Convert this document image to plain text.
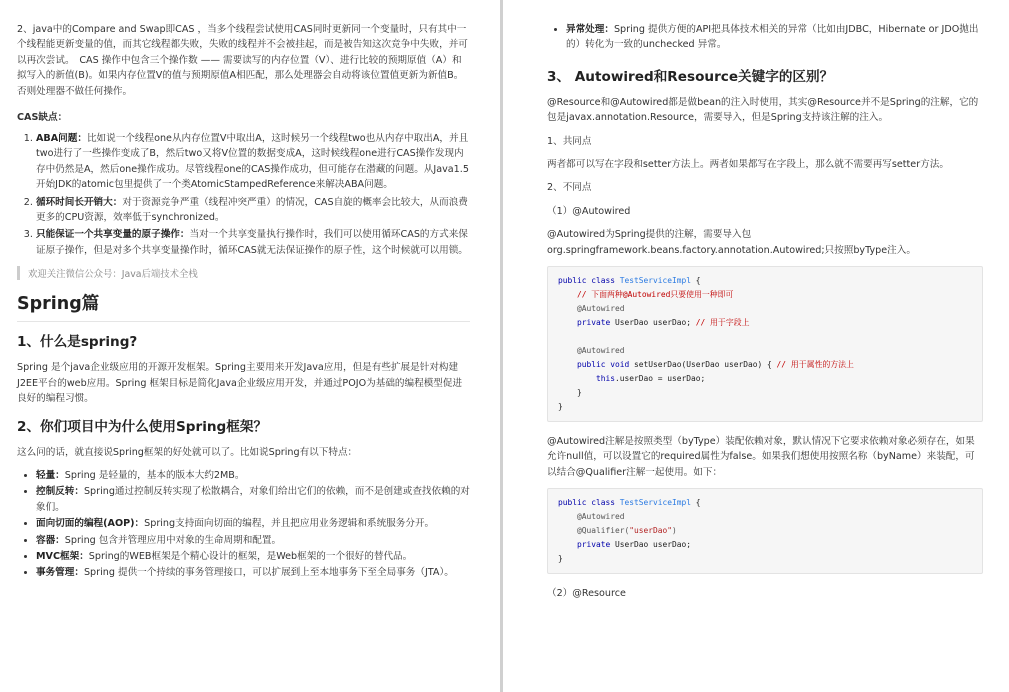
2、java中的Compare and Swap即CAS ，当多个线程尝试使用CAS同时更新同一个变量时，只有其中一个线程能更新变量的值，而其它线程都失败，失败的线程并不会被挂起，而是被告知这次竞争中失败，并可以再次尝试。　CAS 操作中包含三个操作数 —— 需要读写的内存位置（V）、进行比较的预期原值（A）和拟写入的新值(B)。如果内存位置V的值与预期原值A相匹配，那么处理器会自动将该位置值更新为新值B。否则处理器不做任何操作。

CAS缺点：
1. ABA问题：比如说一个线程one从内存位置V中取出A，这时候另一个线程two也从内存中取出A，并且two进行了一些操作变成了B，然后two又将V位置的数据变成A，这时候线程one进行CAS操作发现内存中仍然是A，然后one操作成功。尽管线程one的CAS操作成功，但可能存在潜藏的问题。从Java1.5开始JDK的atomic包里提供了一个类AtomicStampedReference来解决ABA问题。
2. 循环时间长开销大：对于资源竞争严重（线程冲突严重）的情况，CAS自旋的概率会比较大，从而浪费更多的CPU资源，效率低于synchronized。
3. 只能保证一个共享变量的原子操作：当对一个共享变量执行操作时，我们可以使用循环CAS的方式来保证原子操作，但是对多个共享变量操作时，循环CAS就无法保证操作的原子性，这个时候就可以用锁。
欢迎关注微信公众号：Java后端技术全栈
Spring篇
1、什么是spring?

Spring 是个java企业级应用的开源开发框架。Spring主要用来开发Java应用，但是有些扩展是针对构建J2EE平台的web应用。Spring 框架目标是简化Java企业级应用开发，并通过POJO为基础的编程模型促进良好的编程习惯。

2、你们项目中为什么使用Spring框架？

这么问的话，就直接说Spring框架的好处就可以了。比如说Spring有以下特点：

• 轻量：Spring 是轻量的，基本的版本大约2MB。
• 控制反转：Spring通过控制反转实现了松散耦合，对象们给出它们的依赖，而不是创建或查找依赖的对象们。
• 面向切面的编程(AOP)：Spring支持面向切面的编程，并且把应用业务逻辑和系统服务分开。
• 容器：Spring 包含并管理应用中对象的生命周期和配置。
• MVC框架：Spring的WEB框架是个精心设计的框架，是Web框架的一个很好的替代品。
• 事务管理：Spring 提供一个持续的事务管理接口，可以扩展到上至本地事务下至全局事务（JTA）。
• 异常处理：Spring 提供方便的API把具体技术相关的异常（比如由JDBC，Hibernate or JDO抛出的）转化为一致的unchecked 异常。
3、 Autowired和Resource关键字的区别？

@Resource和@Autowired都是做bean的注入时使用，其实@Resource并不是Spring的注解，它的包是javax.annotation.Resource，需要导入，但是Spring支持该注解的注入。

1、共同点

两者都可以写在字段和setter方法上。两者如果都写在字段上，那么就不需要再写setter方法。

2、不同点

（1）@Autowired

@Autowired为Spring提供的注解，需要导入包org.springframework.beans.factory.annotation.Autowired;只按照byType注入。

public class TestServiceImpl {
// 下面两种@Autowired只要使用一种即可
@Autowired
private UserDao userDao; // 用于字段上

@Autowired
public void setUserDao(UserDao userDao) { // 用于属性的方法上
this.userDao = userDao;
}
}

@Autowired注解是按照类型（byType）装配依赖对象，默认情况下它要求依赖对象必须存在，如果允许null值，可以设置它的required属性为false。如果我们想使用按照名称（byName）来装配，可以结合@Qualifier注解一起使用。如下：

public class TestServiceImpl {
@Autowired
@Qualifier("userDao")
private UserDao userDao;
}

（2）@Resource
